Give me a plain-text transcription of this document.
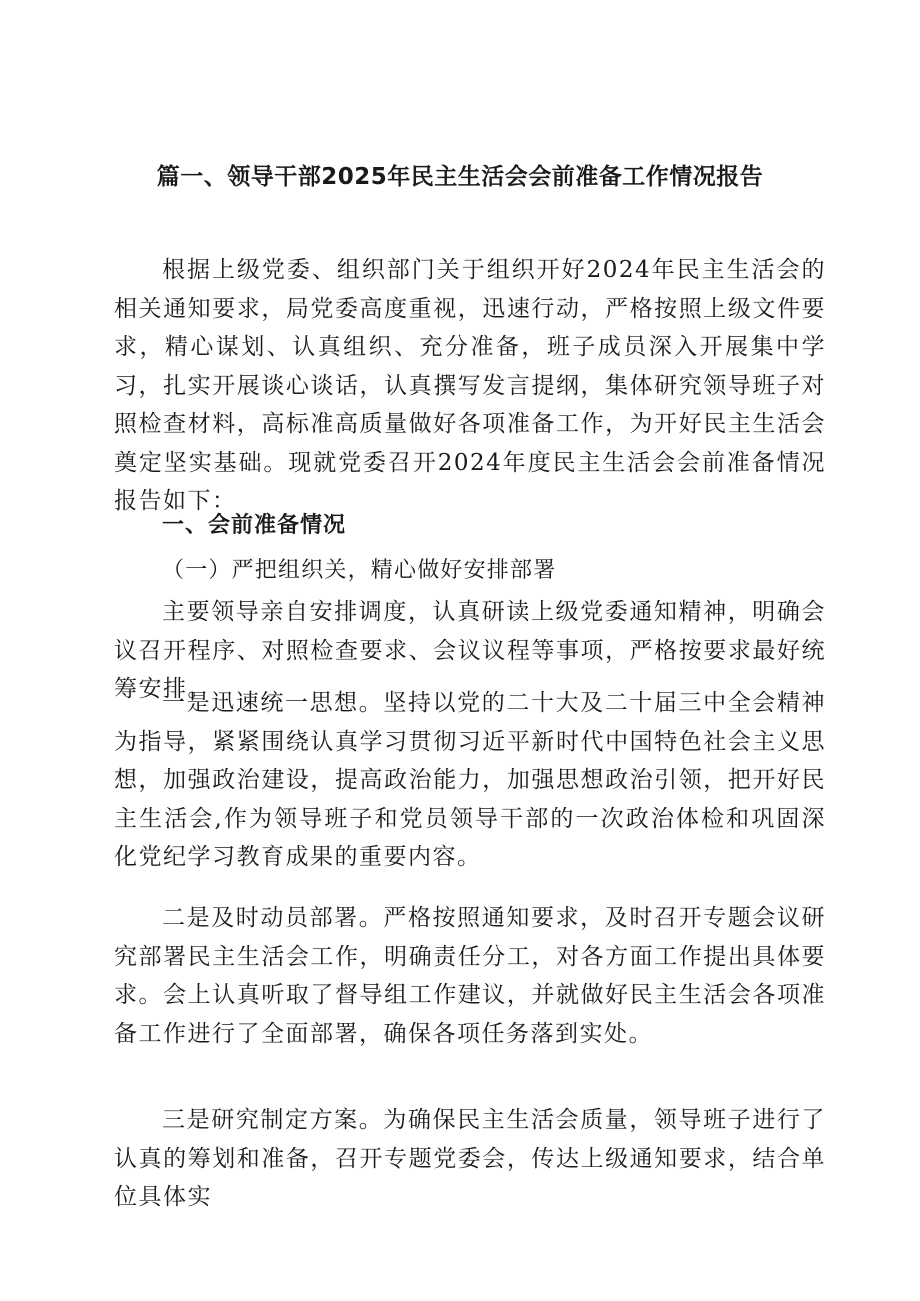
篇一、领导干部2025年民主生活会会前准备工作情况报告

根据上级党委、组织部门关于组织开好2024年民主生活会的相关通知要求，局党委高度重视，迅速行动，严格按照上级文件要求，精心谋划、认真组织、充分准备，班子成员深入开展集中学习，扎实开展谈心谈话，认真撰写发言提纲，集体研究领导班子对照检查材料，高标准高质量做好各项准备工作，为开好民主生活会奠定坚实基础。现就党委召开2024年度民主生活会会前准备情况报告如下：

一、会前准备情况
（一）严把组织关，精心做好安排部署

主要领导亲自安排调度，认真研读上级党委通知精神，明确会议召开程序、对照检查要求、会议议程等事项，严格按要求最好统筹安排。

一是迅速统一思想。坚持以党的二十大及二十届三中全会精神为指导，紧紧围绕认真学习贯彻习近平新时代中国特色社会主义思想，加强政治建设，提高政治能力，加强思想政治引领，把开好民主生活会,作为领导班子和党员领导干部的一次政治体检和巩固深化党纪学习教育成果的重要内容。

二是及时动员部署。严格按照通知要求，及时召开专题会议研究部署民主生活会工作，明确责任分工，对各方面工作提出具体要求。会上认真听取了督导组工作建议，并就做好民主生活会各项准备工作进行了全面部署，确保各项任务落到实处。

三是研究制定方案。为确保民主生活会质量，领导班子进行了认真的筹划和准备，召开专题党委会，传达上级通知要求，结合单位具体实
